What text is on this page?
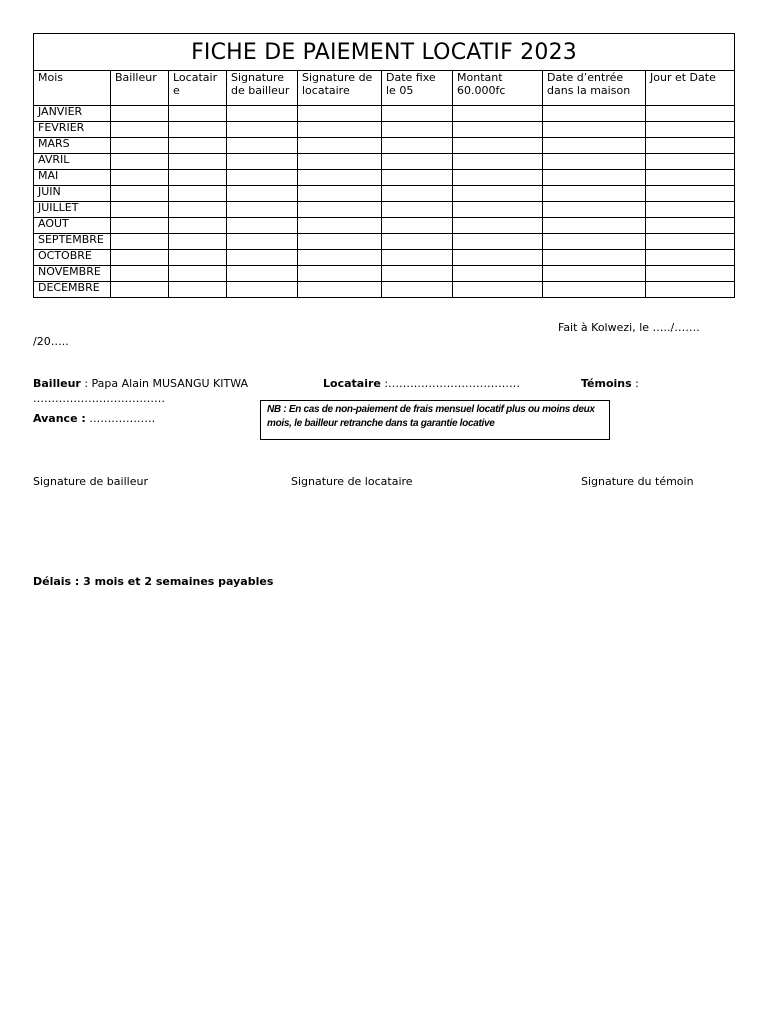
FICHE DE PAIEMENT LOCATIF 2023								
Mois	Bailleur	Locatair e	Signature de bailleur	Signature de locataire	Date fixe le 05	Montant 60.000fc	Date d’entrée dans la maison	Jour et Date
JANVIER								
FEVRIER								
MARS								
AVRIL								
MAI								
JUIN								
JUILLET								
AOUT								
SEPTEMBRE								
OCTOBRE								
NOVEMBRE								
DECEMBRE								
Fait à Kolwezi, le …../…….
/20…..
Bailleur : Papa Alain MUSANGU KITWA	Locataire :………………………………	Témoins :
………………………………
Avance : ………………
NB : En cas de non-paiement de frais mensuel locatif plus ou moins deux mois, le bailleur retranche dans ta garantie locative
Signature de bailleur	Signature de locataire	Signature du témoin
Délais : 3 mois et 2 semaines payables
